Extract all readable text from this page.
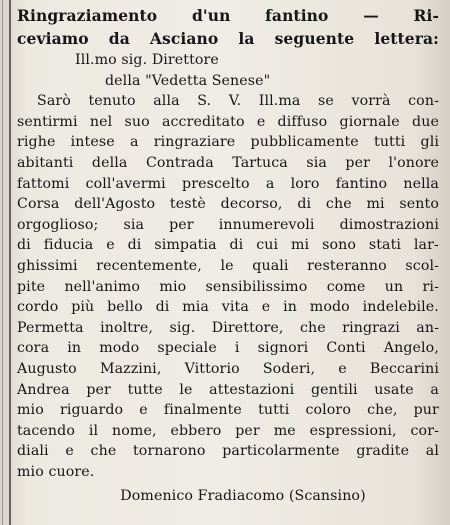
Ringraziamento d'un fantino — Ri-
ceviamo da Asciano la seguente lettera:
Ill.mo sig. Direttore
della "Vedetta Senese"
Sarò tenuto alla S. V. Ill.ma se vorrà con-
sentirmi nel suo accreditato e diffuso giornale due
righe intese a ringraziare pubblicamente tutti gli
abitanti della Contrada Tartuca sia per l'onore
fattomi coll'avermi prescelto a loro fantino nella
Corsa dell'Agosto testè decorso, di che mi sento
orgoglioso; sia per innumerevoli dimostrazioni
di fiducia e di simpatia di cui mi sono stati lar-
ghissimi recentemente, le quali resteranno scol-
pite nell'animo mio sensibilissimo come un ri-
cordo più bello di mia vita e in modo indelebile.
Permetta inoltre, sig. Direttore, che ringrazi an-
cora in modo speciale i signori Conti Angelo,
Augusto Mazzini, Vittorio Soderi, e Beccarini
Andrea per tutte le attestazioni gentili usate a
mio riguardo e finalmente tutti coloro che, pur
tacendo il nome, ebbero per me espressioni, cor-
diali e che tornarono particolarmente gradite al
mio cuore.
Domenico Fradiacomo (Scansino)
